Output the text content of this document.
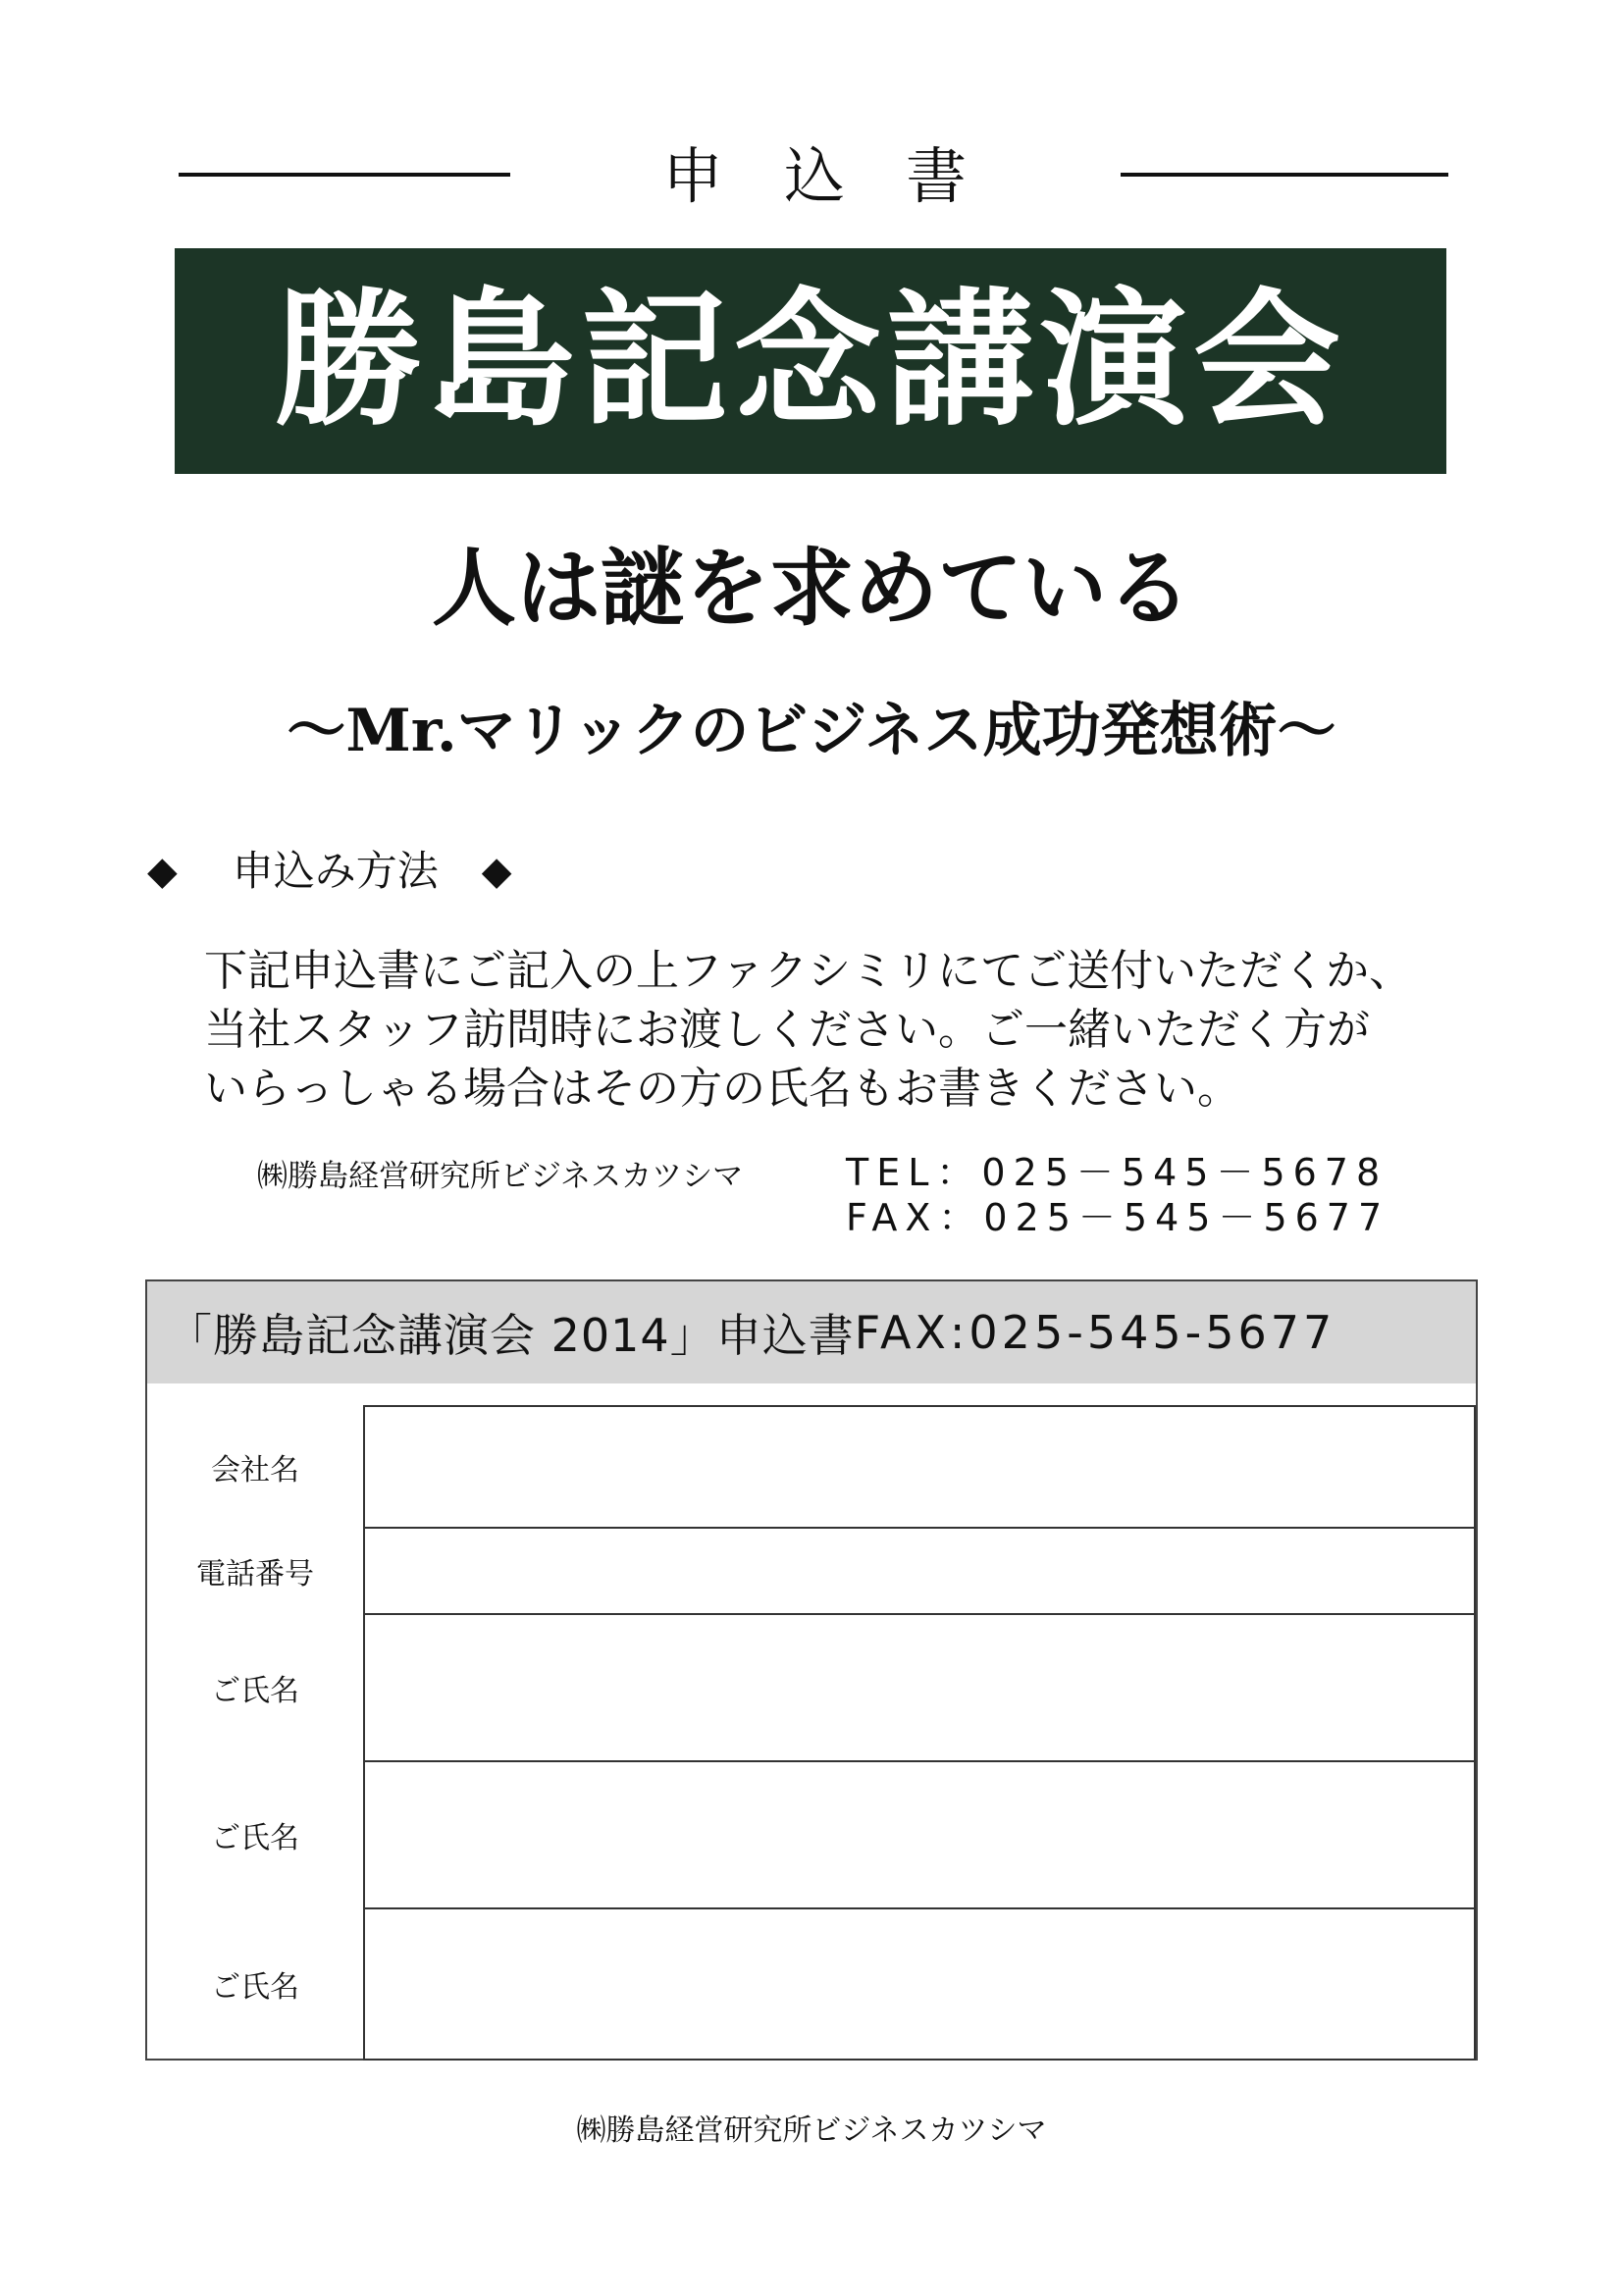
申込書
勝島記念講演会
人は謎を求めている
～Mr.マリックのビジネス成功発想術～
◆ 申込み方法 ◆
下記申込書にご記入の上ファクシミリにてご送付いただくか、
当社スタッフ訪問時にお渡しください。ご一緒いただく方が
いらっしゃる場合はその方の氏名もお書きください。
㈱勝島経営研究所ビジネスカツシマ	TEL：025－545－5678
FAX：025－545－5677
「勝島記念講演会 2014」申込書 FAX:025-545-5677
会社名
電話番号
ご氏名
ご氏名
ご氏名
㈱勝島経営研究所ビジネスカツシマ
